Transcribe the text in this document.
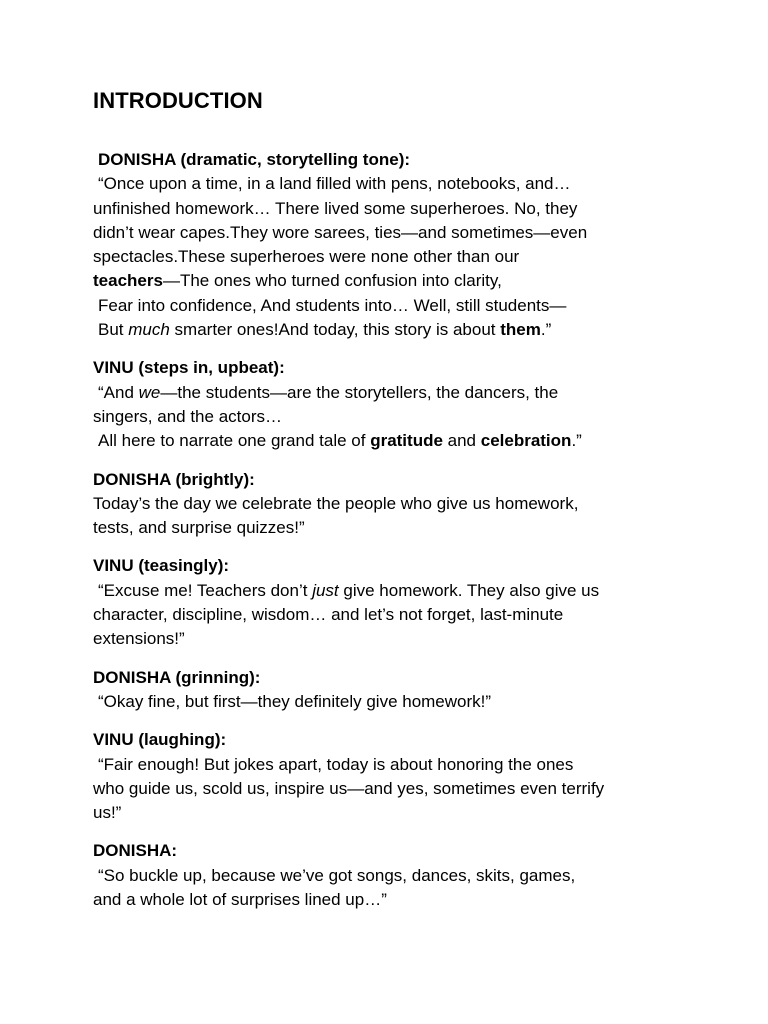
INTRODUCTION

DONISHA (dramatic, storytelling tone):

“Once upon a time, in a land filled with pens, notebooks, and…

unfinished homework… There lived some superheroes. No, they

didn’t wear capes.They wore sarees, ties—and sometimes—even

spectacles.These superheroes were none other than our

teachers—The ones who turned confusion into clarity,

Fear into confidence, And students into… Well, still students—

But much smarter ones!And today, this story is about them.”

VINU (steps in, upbeat):

“And we—the students—are the storytellers, the dancers, the

singers, and the actors…

All here to narrate one grand tale of gratitude and celebration.”

DONISHA (brightly):

Today’s the day we celebrate the people who give us homework,

tests, and surprise quizzes!”

VINU (teasingly):

“Excuse me! Teachers don’t just give homework. They also give us

character, discipline, wisdom… and let’s not forget, last-minute

extensions!”

DONISHA (grinning):

“Okay fine, but first—they definitely give homework!”

VINU (laughing):

“Fair enough! But jokes apart, today is about honoring the ones

who guide us, scold us, inspire us—and yes, sometimes even terrify

us!”

DONISHA:

“So buckle up, because we’ve got songs, dances, skits, games,

and a whole lot of surprises lined up…”
